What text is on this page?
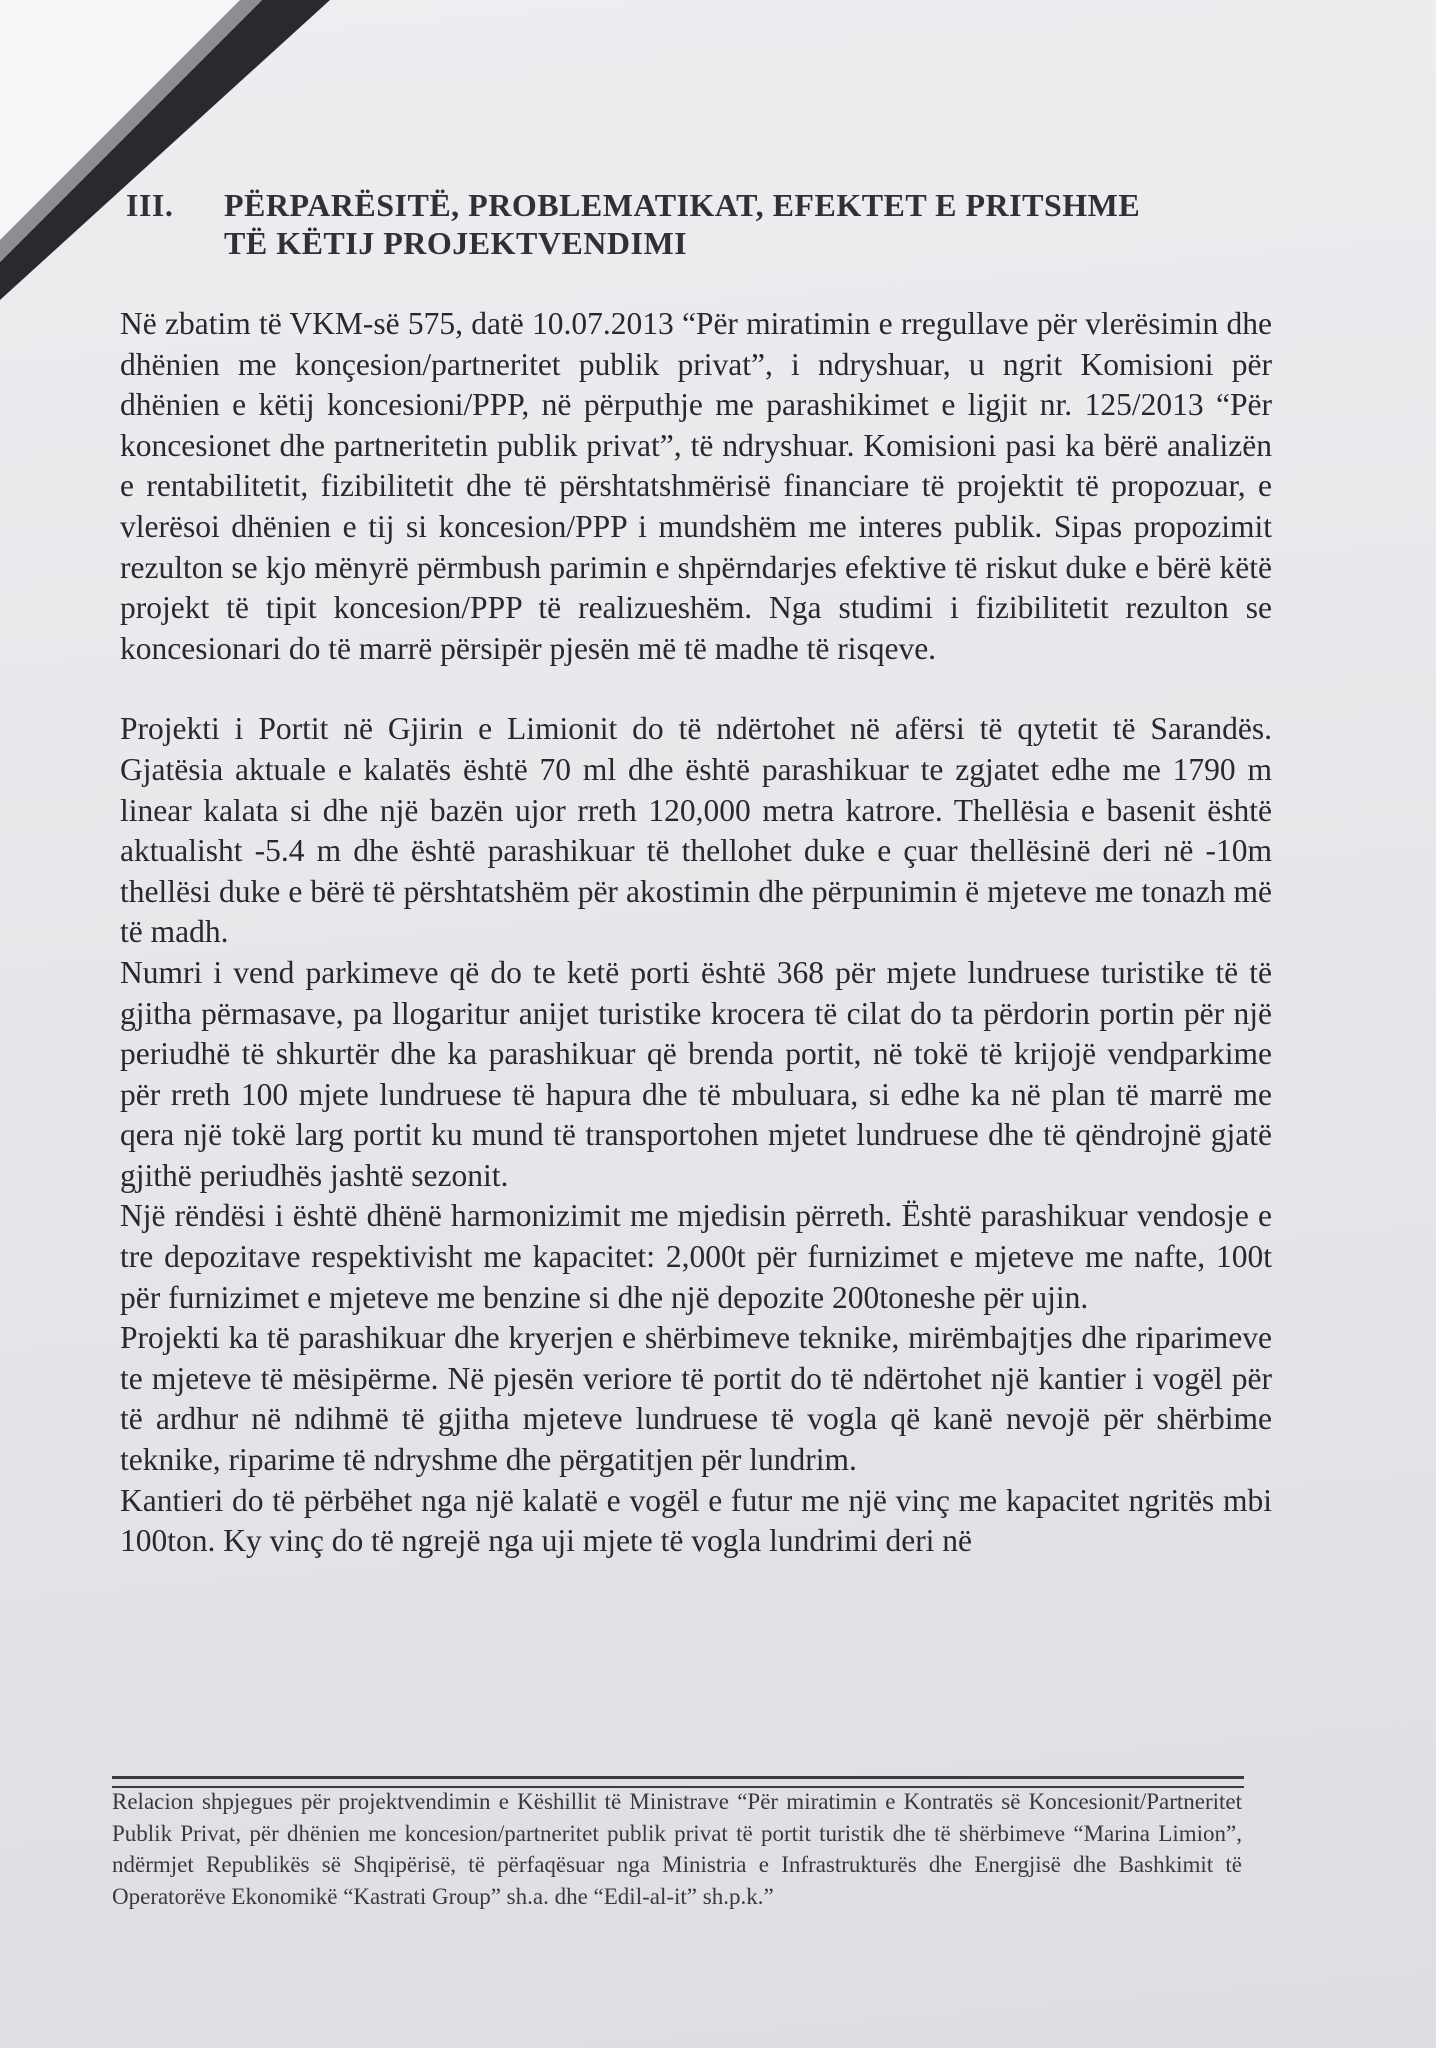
III. PËRPARËSITË, PROBLEMATIKAT, EFEKTET E PRITSHME
TË KËTIJ PROJEKTVENDIMI

Në zbatim të VKM-së 575, datë 10.07.2013 “Për miratimin e rregullave për vlerësimin dhe dhënien me konçesion/partneritet publik privat”, i ndryshuar, u ngrit Komisioni për dhënien e këtij koncesioni/PPP, në përputhje me parashikimet e ligjit nr. 125/2013 “Për koncesionet dhe partneritetin publik privat”, të ndryshuar. Komisioni pasi ka bërë analizën e rentabilitetit, fizibilitetit dhe të përshtatshmërisë financiare të projektit të propozuar, e vlerësoi dhënien e tij si koncesion/PPP i mundshëm me interes publik. Sipas propozimit rezulton se kjo mënyrë përmbush parimin e shpërndarjes efektive të riskut duke e bërë këtë projekt të tipit koncesion/PPP të realizueshëm. Nga studimi i fizibilitetit rezulton se koncesionari do të marrë përsipër pjesën më të madhe të risqeve.

Projekti i Portit në Gjirin e Limionit do të ndërtohet në afërsi të qytetit të Sarandës. Gjatësia aktuale e kalatës është 70 ml dhe është parashikuar te zgjatet edhe me 1790 m linear kalata si dhe një bazën ujor rreth 120,000 metra katrore. Thellësia e basenit është aktualisht -5.4 m dhe është parashikuar të thellohet duke e çuar thellësinë deri në -10m thellësi duke e bërë të përshtatshëm për akostimin dhe përpunimin ë mjeteve me tonazh më të madh.

Numri i vend parkimeve që do te ketë porti është 368 për mjete lundruese turistike të të gjitha përmasave, pa llogaritur anijet turistike krocera të cilat do ta përdorin portin për një periudhë të shkurtër dhe ka parashikuar që brenda portit, në tokë të krijojë vendparkime për rreth 100 mjete lundruese të hapura dhe të mbuluara, si edhe ka në plan të marrë me qera një tokë larg portit ku mund të transportohen mjetet lundruese dhe të qëndrojnë gjatë gjithë periudhës jashtë sezonit.

Një rëndësi i është dhënë harmonizimit me mjedisin përreth. Është parashikuar vendosje e tre depozitave respektivisht me kapacitet: 2,000t për furnizimet e mjeteve me nafte, 100t për furnizimet e mjeteve me benzine si dhe një depozite 200toneshe për ujin.

Projekti ka të parashikuar dhe kryerjen e shërbimeve teknike, mirëmbajtjes dhe riparimeve te mjeteve të mësipërme. Në pjesën veriore të portit do të ndërtohet një kantier i vogël për të ardhur në ndihmë të gjitha mjeteve lundruese të vogla që kanë nevojë për shërbime teknike, riparime të ndryshme dhe përgatitjen për lundrim.

Kantieri do të përbëhet nga një kalatë e vogël e futur me një vinç me kapacitet ngritës mbi 100ton. Ky vinç do të ngrejë nga uji mjete të vogla lundrimi deri në

Relacion shpjegues për projektvendimin e Këshillit të Ministrave “Për miratimin e Kontratës së Koncesionit/Partneritet Publik Privat, për dhënien me koncesion/partneritet publik privat të portit turistik dhe të shërbimeve “Marina Limion”, ndërmjet Republikës së Shqipërisë, të përfaqësuar nga Ministria e Infrastrukturës dhe Energjisë dhe Bashkimit të Operatorëve Ekonomikë “Kastrati Group” sh.a. dhe “Edil-al-it” sh.p.k.”
